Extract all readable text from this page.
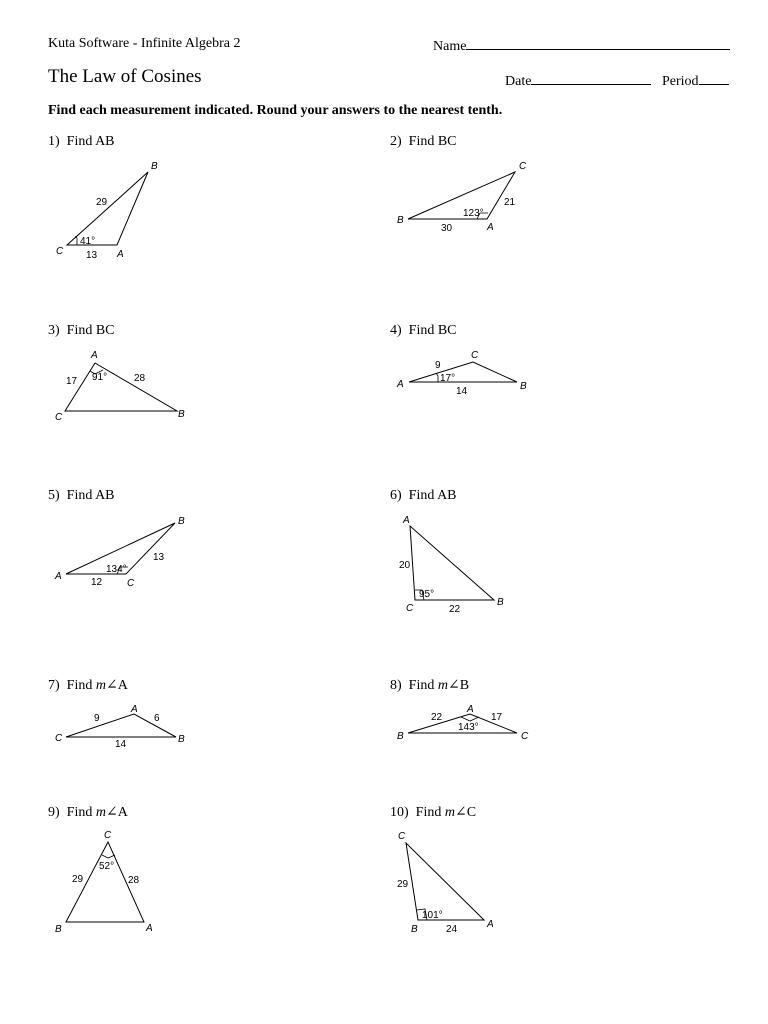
Kuta Software - Infinite Algebra 2	Name
The Law of Cosines	Date	Period
Find each measurement indicated. Round your answers to the nearest tenth.
1) Find AB	2) Find BC
3) Find BC	4) Find BC
5) Find AB	6) Find AB
7) Find m∠A	8) Find m∠B
9) Find m∠A	10) Find m∠C
B
C	A
29
41°
13
C
B
A
21
123°
30
A
C	B
17 91°	28
C
A	B
9
17°
14
B
A
C
13
134°
12
A
C
B
20
95°
22
A
C	B
9	6
14
A
B	C
22	17
143°
C
B	A
29
52°
28
C
B	A
29
101°
24
